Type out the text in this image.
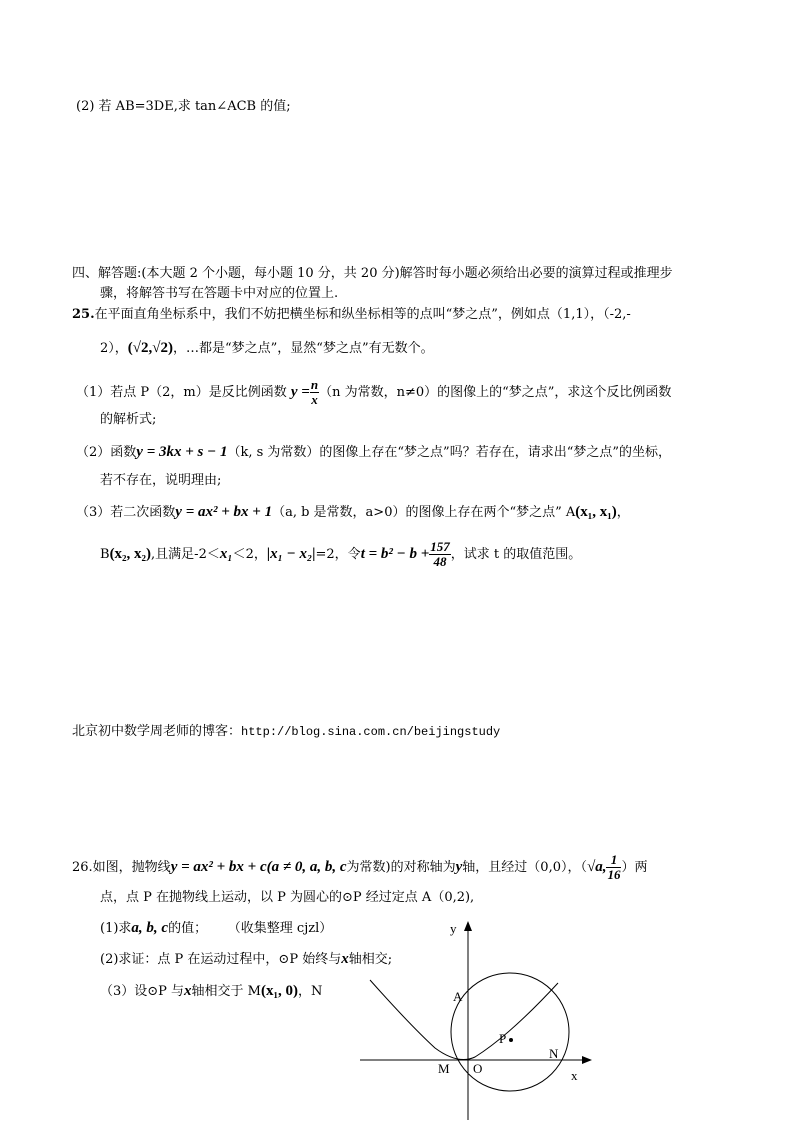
(2) 若 AB=3DE,求 tan∠ACB 的值;
四、解答题:(本大题 2 个小题，每小题 10 分，共 20 分)解答时每小题必须给出必要的演算过程或推理步
骤，将解答书写在答题卡中对应的位置上.
25.在平面直角坐标系中，我们不妨把横坐标和纵坐标相等的点叫“梦之点”，例如点（1,1），（-2,-
2），(√2,√2)，…都是“梦之点”，显然“梦之点”有无数个。
（1）若点 P（2，m）是反比例函数 $y = \frac{n}{x} (n$ 为常数，n≠0）的图像上的“梦之点”，求这个反比例函数
的解析式;
（2）函数y = 3kx + s − 1（k, s 为常数）的图像上存在“梦之点”吗？若存在，请求出“梦之点”的坐标，
若不存在，说明理由;
（3）若二次函数y = ax² + bx + 1（a, b 是常数，a>0）的图像上存在两个“梦之点” A(x₁, x₁)，
B(x₂, x₂),且满足-2＜x₁＜2，|x₁ − x₂|=2，令$t = b^2 - b + \frac{157}{48}$ ，试求 t 的取值范围。
北京初中数学周老师的博客：http://blog.sina.com.cn/beijingstudy
26.如图，抛物线y = ax² + bx + c(a ≠ 0, a, b, c为常数)的对称轴为y轴，且经过（0,0），（√a, $\frac{1}{16}$ ）两
点，点 P 在抛物线上运动，以 P 为圆心的⊙P 经过定点 A（0,2),
(1)求a, b, c的值； （收集整理 cjzl）
(2)求证：点 P 在运动过程中，⊙P 始终与x轴相交;
（3）设⊙P 与x轴相交于 M(x₁, 0)，N
y
x
A
P
M O
N
